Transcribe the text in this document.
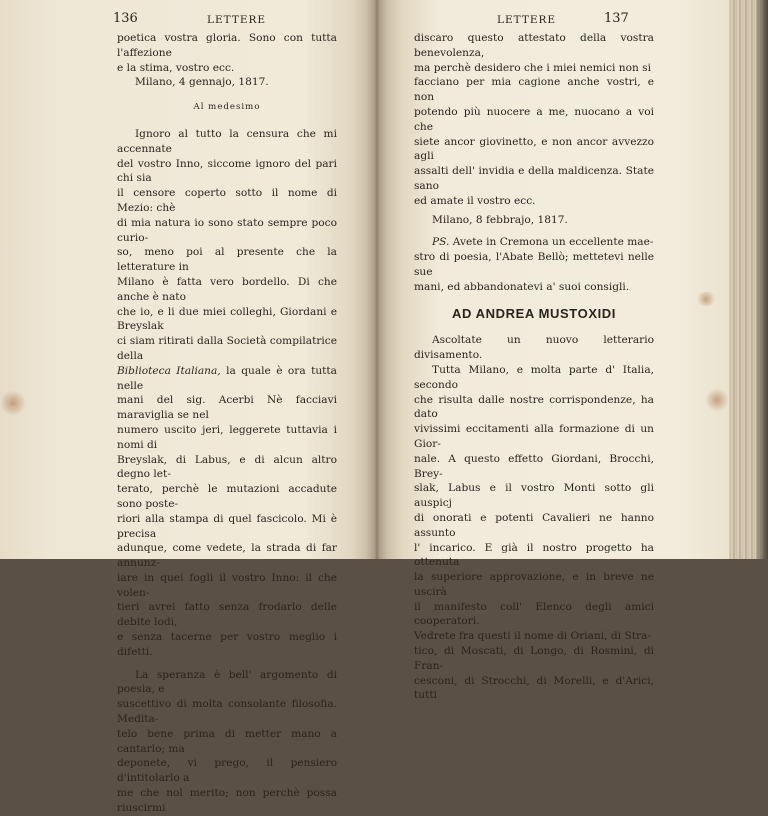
136	LETTERE

poetica vostra gloria. Sono con tutta l'affezione

e la stima, vostro ecc.

Milano, 4 gennajo, 1817.

Al medesimo

Ignoro al tutto la censura che mi accennate

del vostro Inno, siccome ignoro del pari chi sia

il censore coperto sotto il nome di Mezio: chè

di mia natura io sono stato sempre poco curio-

so, meno poi al presente che la letterature in

Milano è fatta vero bordello. Di che anche è nato

che io, e li due miei colleghi, Giordani e Breyslak

ci siam ritirati dalla Società compilatrice della

Biblioteca Italiana, la quale è ora tutta nelle

mani del sig. Acerbi Nè facciavi maraviglia se nel

numero uscito jeri, leggerete tuttavia i nomi di

Breyslak, di Labus, e di alcun altro degno let-

terato, perchè le mutazioni accadute sono poste-

riori alla stampa di quel fascicolo. Mi è precisa

adunque, come vedete, la strada di far annunz-

iare in quei fogli il vostro Inno: il che volen-

tieri avrei fatto senza frodarlo delle debite lodi,

e senza tacerne per vostro meglio i difetti.

La speranza è bell' argomento di poesia, e

suscettivo di molta consolante filosofia. Medita-

telo bene prima di metter mano a cantarlo; ma

deponete, vi prego, il pensiero d'intitolarlo a

me che nol merito; non perchè possa riuscirmi

LETTERE	137

discaro questo attestato della vostra benevolenza,

ma perchè desidero che i miei nemici non si

facciano per mia cagione anche vostri, e non

potendo più nuocere a me, nuocano a voi che

siete ancor giovinetto, e non ancor avvezzo agli

assalti dell' invidia e della maldicenza. State sano

ed amate il vostro ecc.

Milano, 8 febbrajo, 1817.

PS. Avete in Cremona un eccellente mae-

stro di poesia, l'Abate Bellò; mettetevi nelle sue

mani, ed abbandonatevi a' suoi consigli.

AD ANDREA MUSTOXIDI

Ascoltate un nuovo letterario divisamento.

Tutta Milano, e molta parte d' Italia, secondo

che risulta dalle nostre corrispondenze, ha dato

vivissimi eccitamenti alla formazione di un Gior-

nale. A questo effetto Giordani, Brocchi, Brey-

slak, Labus e il vostro Monti sotto gli auspicj

di onorati e potenti Cavalieri ne hanno assunto

l' incarico. E già il nostro progetto ha ottenuta

la superiore approvazione, e in breve ne uscirà

il manifesto coll' Elenco degli amici cooperatori.

Vedrete fra questi il nome di Oriani, di Stra-

tico, di Moscati, di Longo, di Rosmini, di Fran-

cesconi, di Strocchi, di Morelli, e d'Arici, tutti
